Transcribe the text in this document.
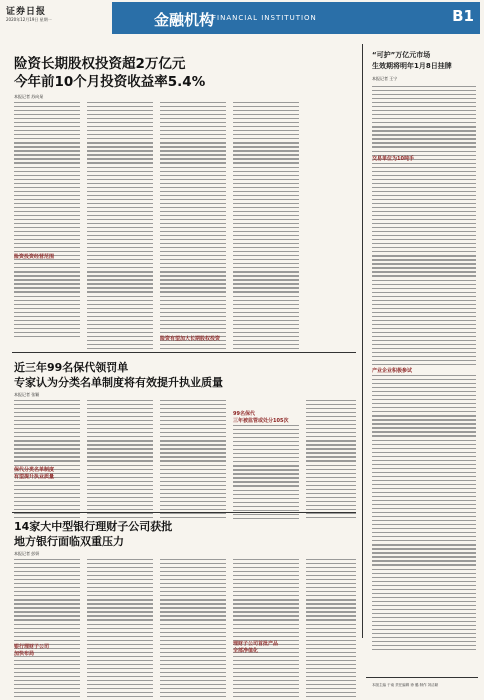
证券日报
2020年12月19日 星期一	金融机构
FINANCIAL INSTITUTION	B1
险资长期股权投资超2万亿元
今年前10个月投资收益率5.4%
本报记者 苏向杲
险资投资经营范围
险资有望加大长期股权投资
“可护”万亿元市场
生效期将明年1月8日挂牌
本报记者 王宁
交易单位为10吨手
产业企业积极参试
近三年99名保代领罚单
专家认为分类名单制度将有效提升执业质量
本报记者 张颖
保代分类名单制度
有望提升执业质量
99名保代
三年被监管或处分105次
14家大中型银行理财子公司获批
地方银行面临双重压力
本报记者 彭妍
银行理财子公司
加快布局
理财子公司首批产品
全部净值化
本版主编 于南 责任编辑 徐 璐 制作 刘洁颖
